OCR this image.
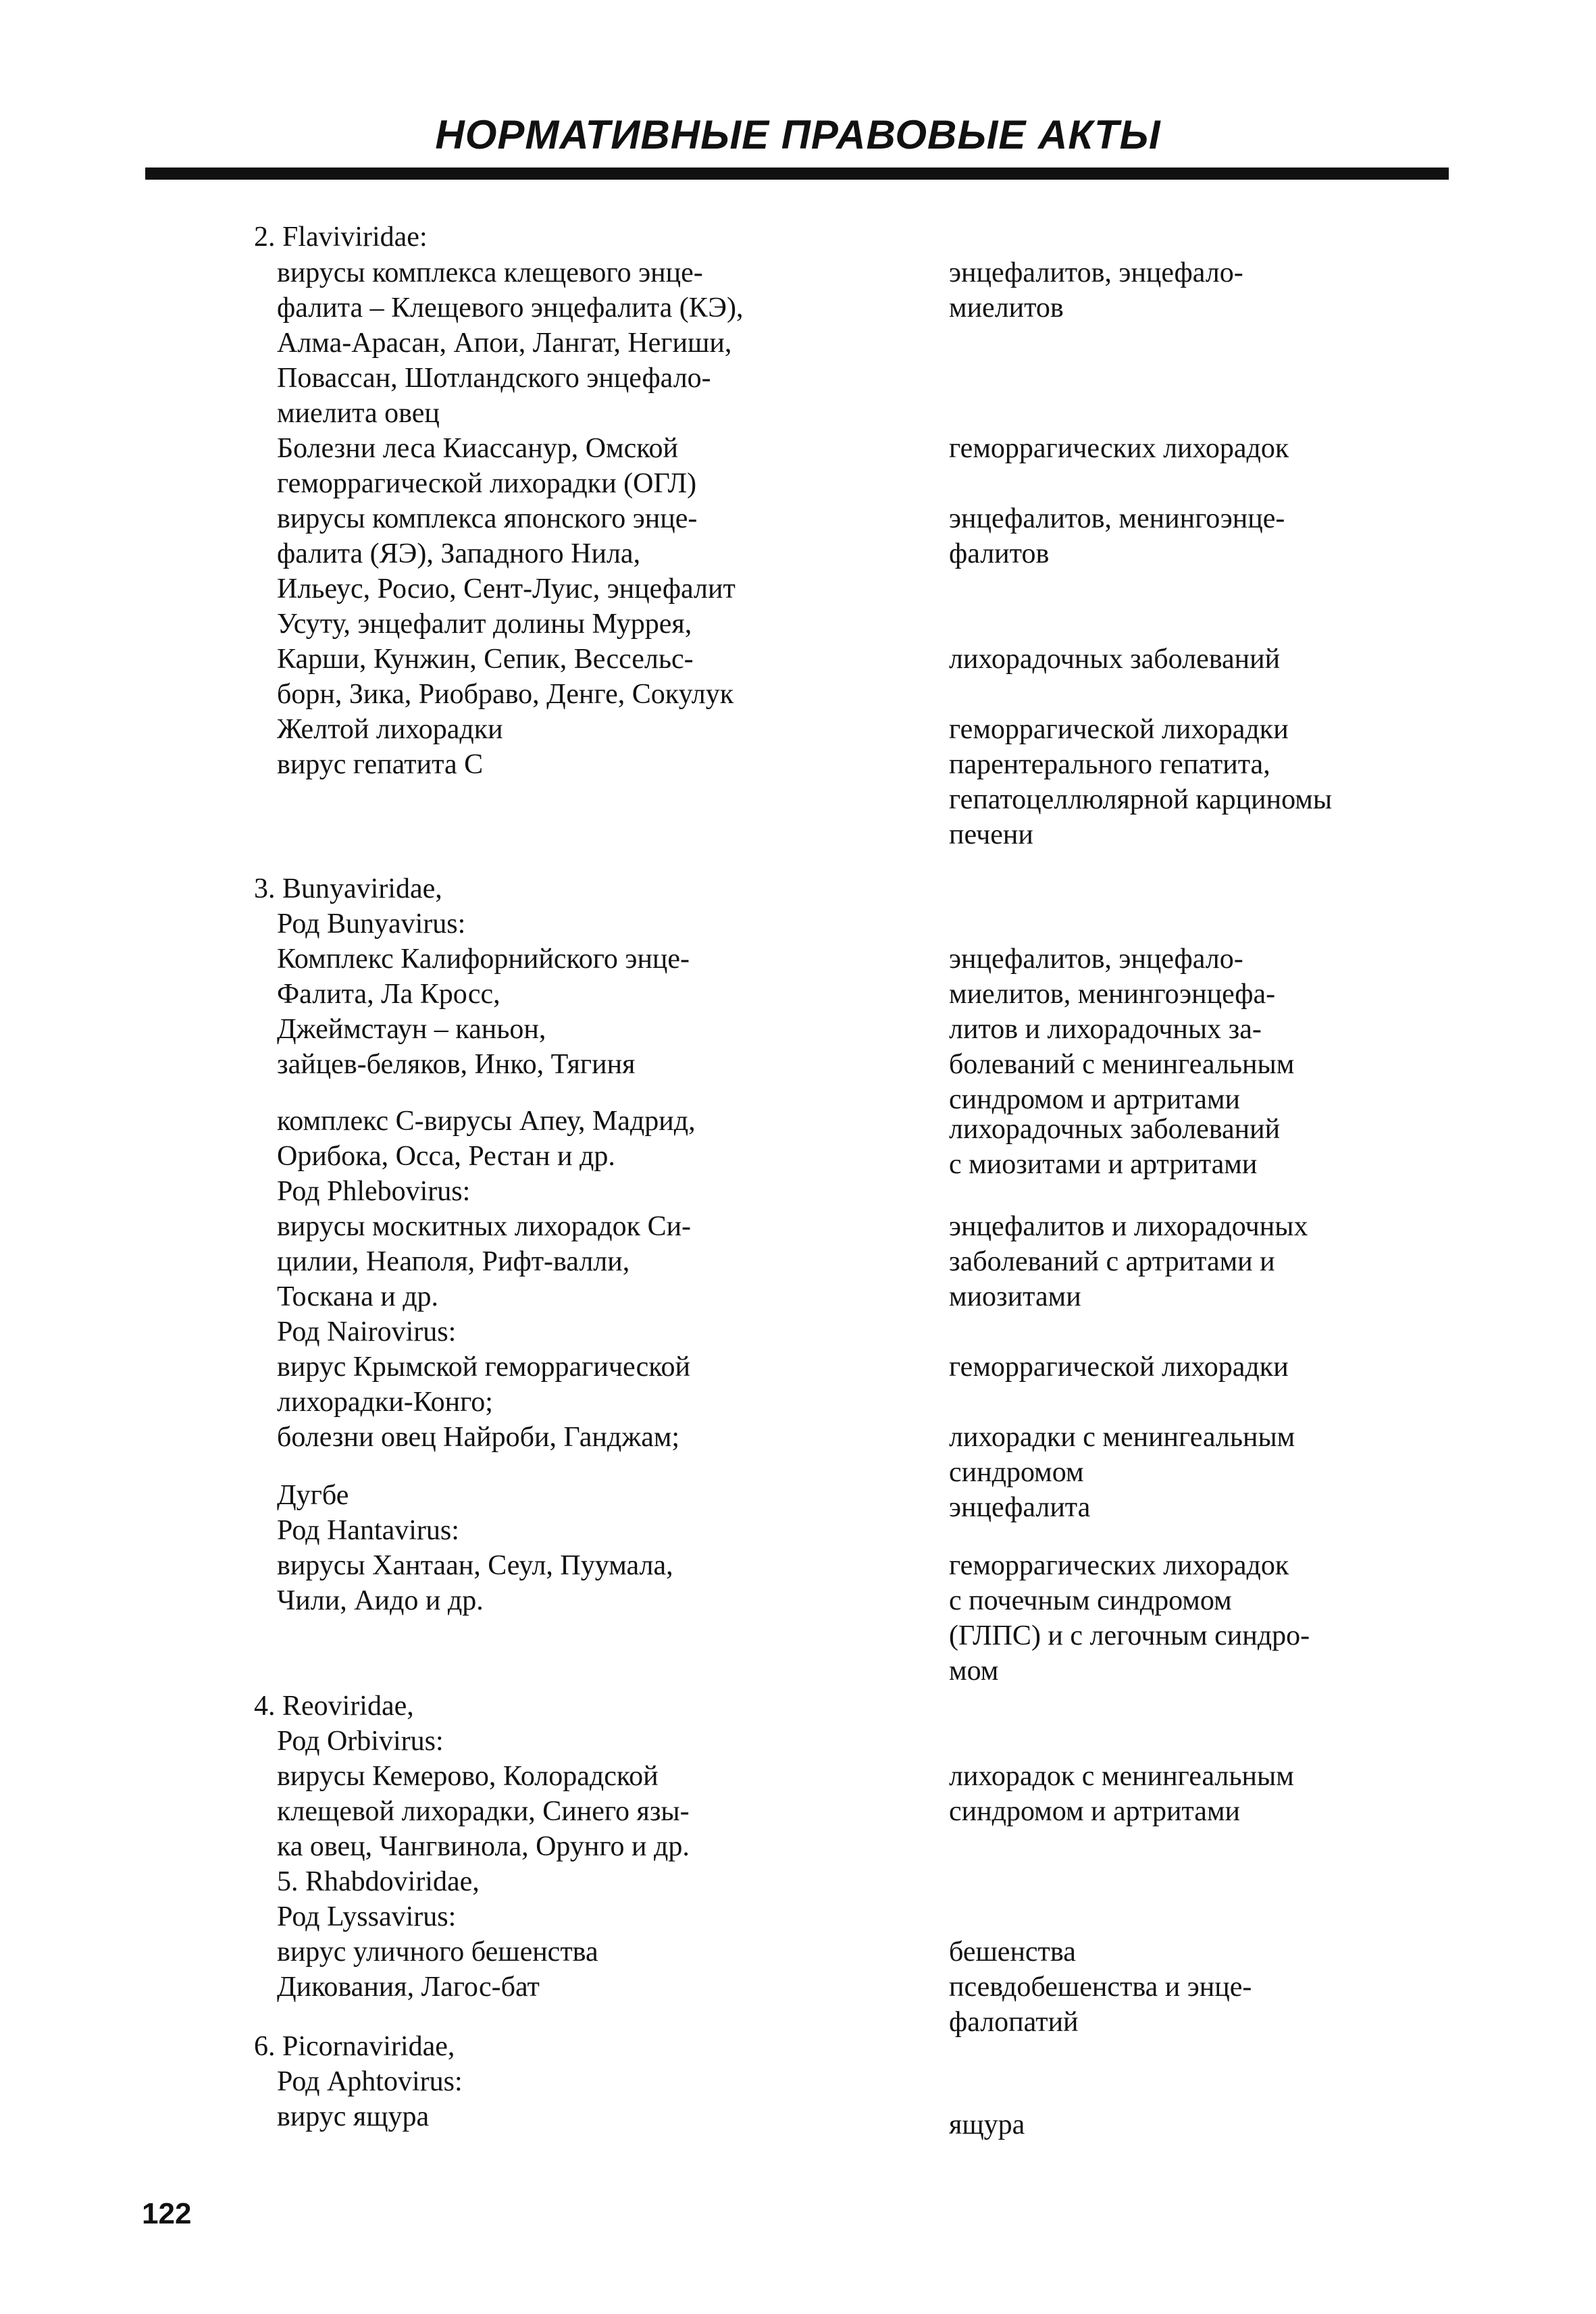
НОРМАТИВНЫЕ ПРАВОВЫЕ АКТЫ
2. Flaviviridae:
вирусы комплекса клещевого энце-
фалита – Клещевого энцефалита (КЭ),
Алма-Арасан, Апои, Лангат, Негиши,
Повассан, Шотландского энцефало-
миелита овец
Болезни леса Киассанур, Омской
геморрагической лихорадки (ОГЛ)
вирусы комплекса японского энце-
фалита (ЯЭ), Западного Нила,
Ильеус, Росио, Сент-Луис, энцефалит
Усуту, энцефалит долины Муррея,
Карши, Кунжин, Сепик, Вессельс-
борн, Зика, Риобраво, Денге, Сокулук
Желтой лихорадки
вирус гепатита С
энцефалитов, энцефало-
миелитов
геморрагических лихорадок
энцефалитов, менингоэнце-
фалитов
лихорадочных заболеваний
геморрагической лихорадки
парентерального гепатита,
гепатоцеллюлярной карциномы
печени
3. Bunyaviridae,
Род Bunyavirus:
Комплекс Калифорнийского энце-
Фалита, Ла Кросс,
Джеймстаун – каньон,
зайцев-беляков, Инко, Тягиня
комплекс С-вирусы Апеу, Мадрид,
Орибока, Осса, Рестан и др.
Род Phlebovirus:
вирусы москитных лихорадок Си-
цилии, Неаполя, Рифт-валли,
Тоскана и др.
Род Nairovirus:
вирус Крымской геморрагической
лихорадки-Конго;
болезни овец Найроби, Ганджам;
Дугбе
Род Hantavirus:
вирусы Хантаан, Сеул, Пуумала,
Чили, Аидо и др.
энцефалитов, энцефало-
миелитов, менингоэнцефа-
литов и лихорадочных за-
болеваний с менингеальным
синдромом и артритами
лихорадочных заболеваний
с миозитами и артритами
энцефалитов и лихорадочных
заболеваний с артритами и
миозитами
геморрагической лихорадки
лихорадки с менингеальным
синдромом
энцефалита
геморрагических лихорадок
с почечным синдромом
(ГЛПС) и с легочным синдро-
мом
4. Reoviridae,
Род Orbivirus:
вирусы Кемерово, Колорадской
клещевой лихорадки, Синего язы-
ка овец, Чангвинола, Орунго и др.
5. Rhabdoviridae,
Род Lyssavirus:
вирус уличного бешенства
Дикования, Лагос-бат
6. Picornaviridae,
Род Aphtovirus:
вирус ящура
лихорадок с менингеальным
синдромом и артритами
бешенства
псевдобешенства и энце-
фалопатий
ящура
122
